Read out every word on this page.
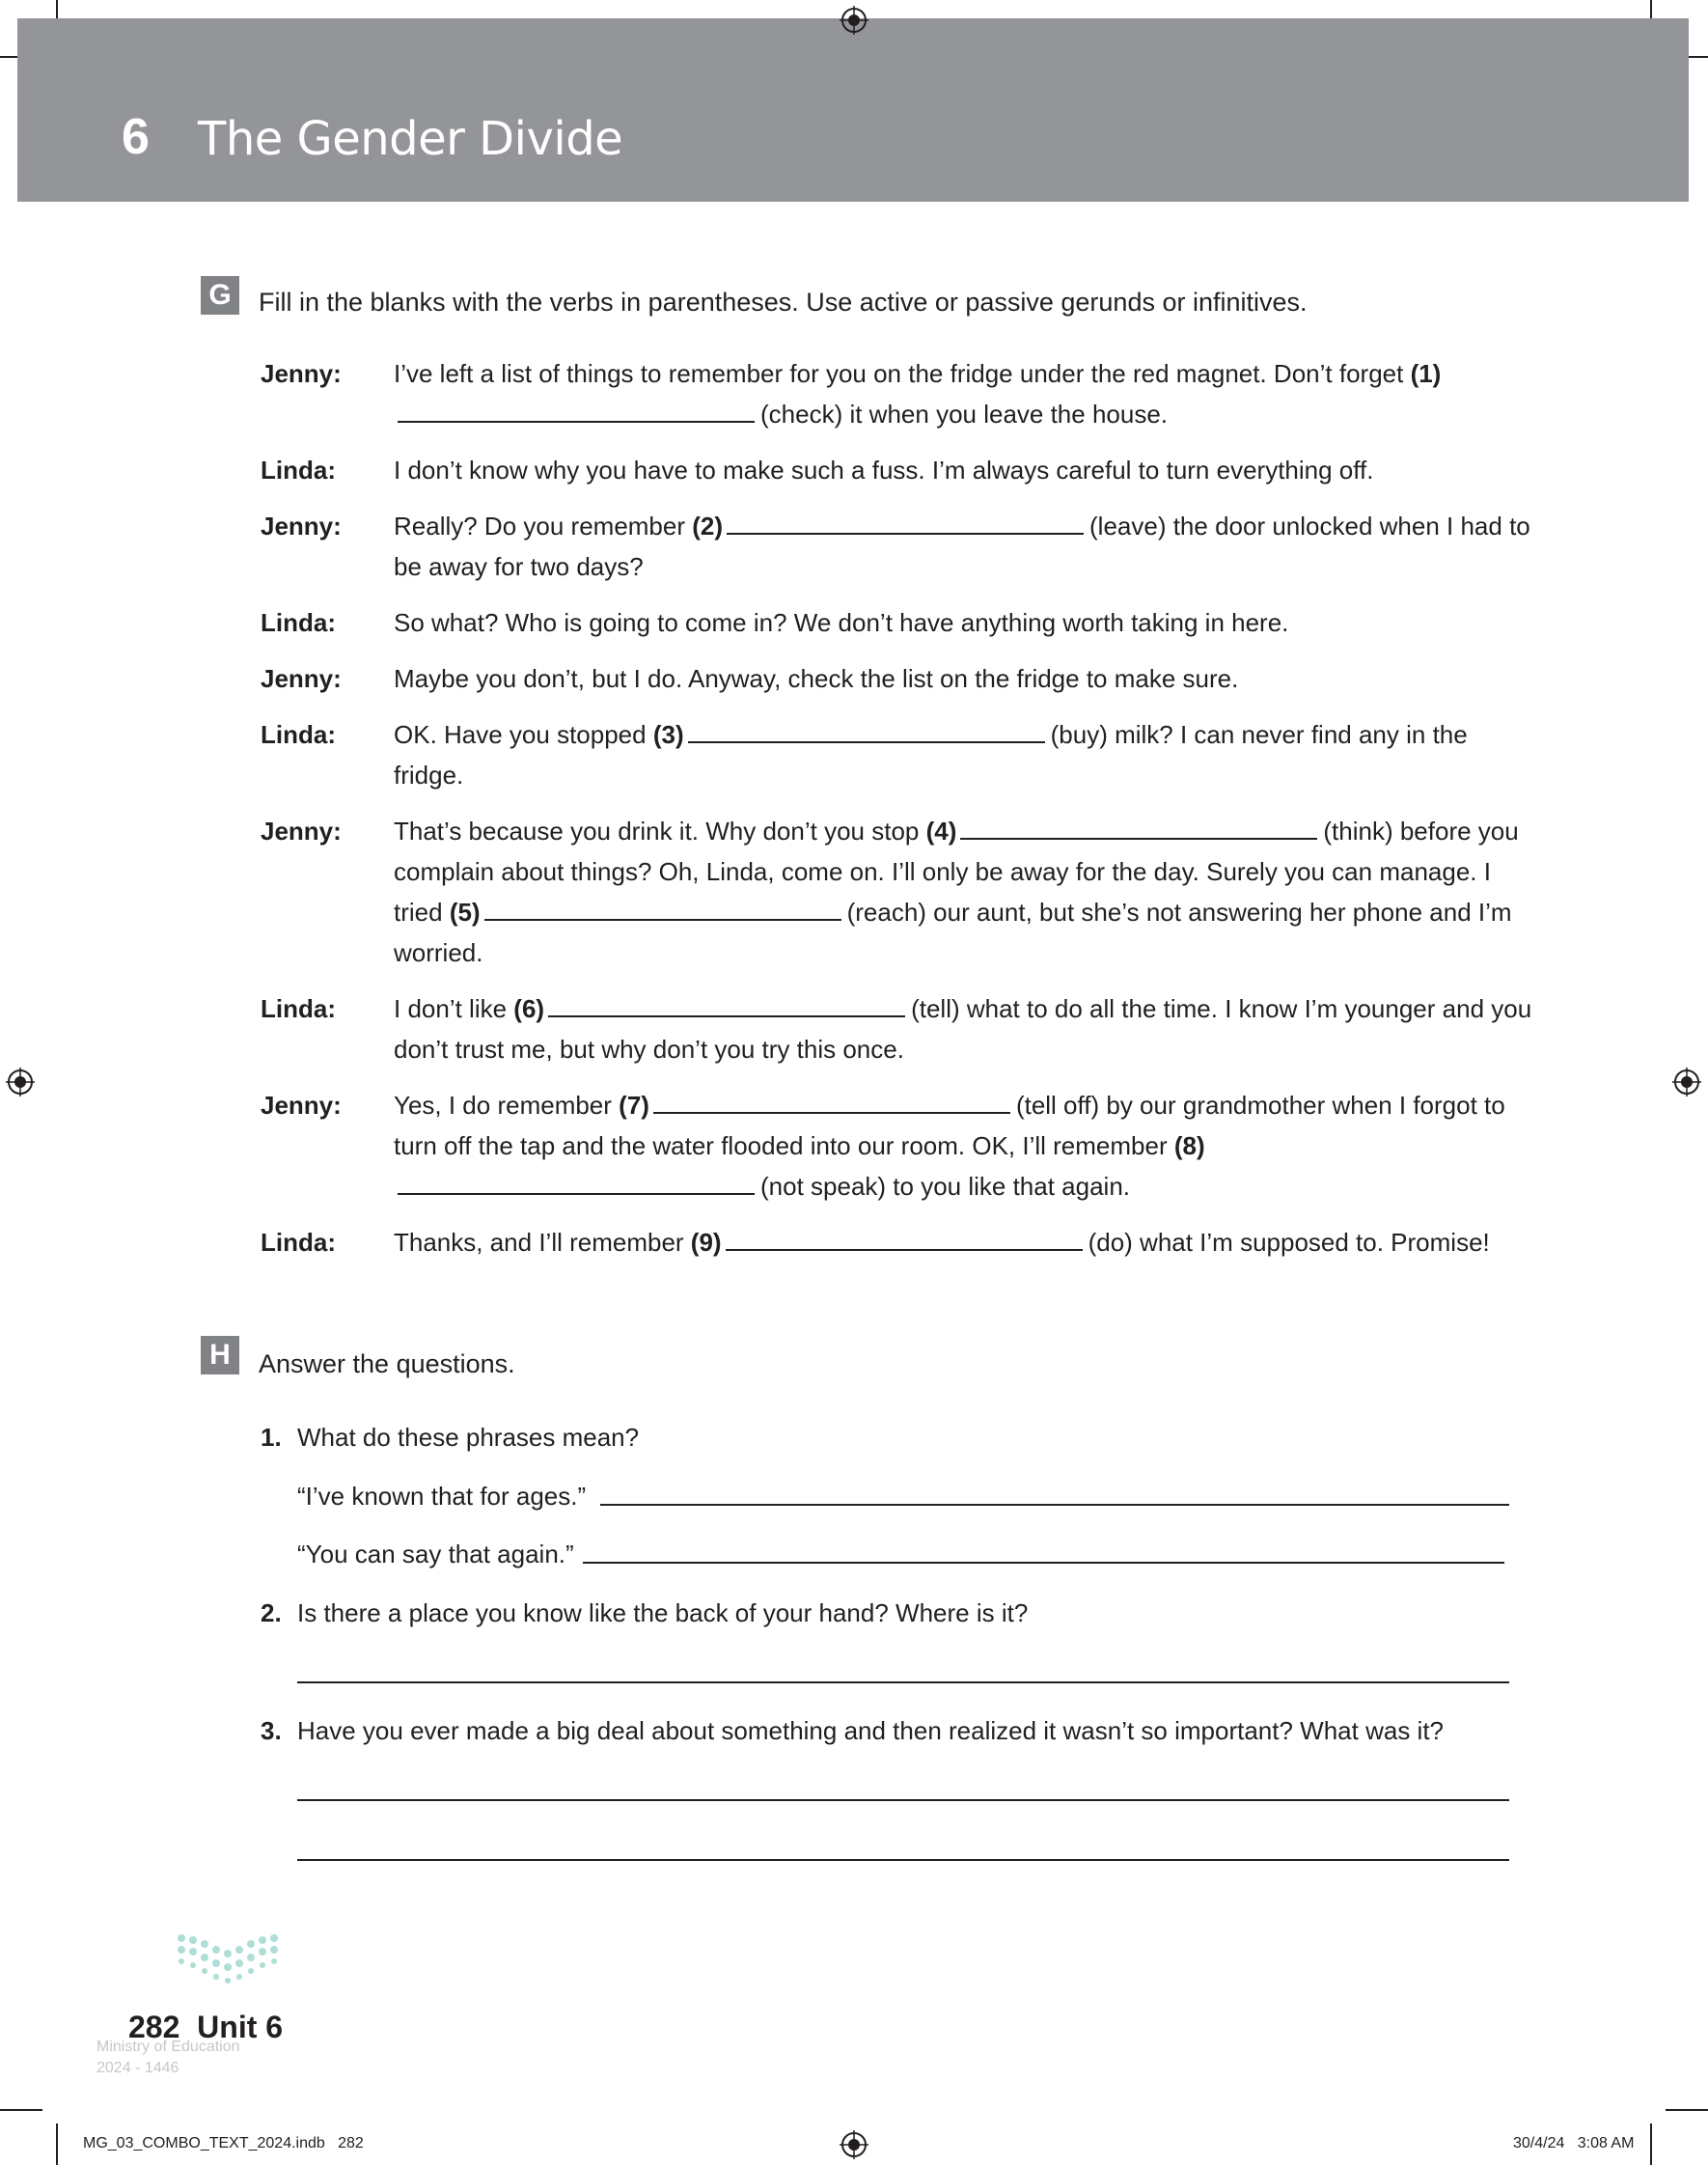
6 The Gender Divide
G	Fill in the blanks with the verbs in parentheses. Use active or passive gerunds or infinitives.
Jenny:	I’ve left a list of things to remember for you on the fridge under the red magnet. Don’t forget (1)(check) it when you leave the house.
Linda:	I don’t know why you have to make such a fuss. I’m always careful to turn everything off.
Jenny:	Really? Do you remember (2)	(leave) the door unlocked when I had to be away for two days?
Linda:	So what? Who is going to come in? We don’t have anything worth taking in here.
Jenny:	Maybe you don’t, but I do. Anyway, check the list on the fridge to make sure.
Linda:	OK. Have you stopped (3)	(buy) milk? I can never find any in the fridge.
Jenny:	That’s because you drink it. Why don’t you stop (4)	(think) before you complain about things? Oh, Linda, come on. I’ll only be away for the day. Surely you can manage. I tried (5)	(reach) our aunt, but she’s not answering her phone and I’m worried.
Linda:	I don’t like (6)	(tell) what to do all the time. I know I’m younger and you don’t trust me, but why don’t you try this once.
Jenny:	Yes, I do remember (7)	(tell off) by our grandmother when I forgot to turn off the tap and the water flooded into our room. OK, I’ll remember (8)(not speak) to you like that again.
Linda:	Thanks, and I’ll remember (9)	(do) what I’m supposed to. Promise!
H	Answer the questions.
1. What do these phrases mean?
“I’ve known that for ages.”
“You can say that again.”
2. Is there a place you know like the back of your hand? Where is it?
3. Have you ever made a big deal about something and then realized it wasn’t so important? What was it?
Ministry of Education
2024 - 1446
282  Unit 6
MG_03_COMBO_TEXT_2024.indb   282	30/4/24   3:08 AM
